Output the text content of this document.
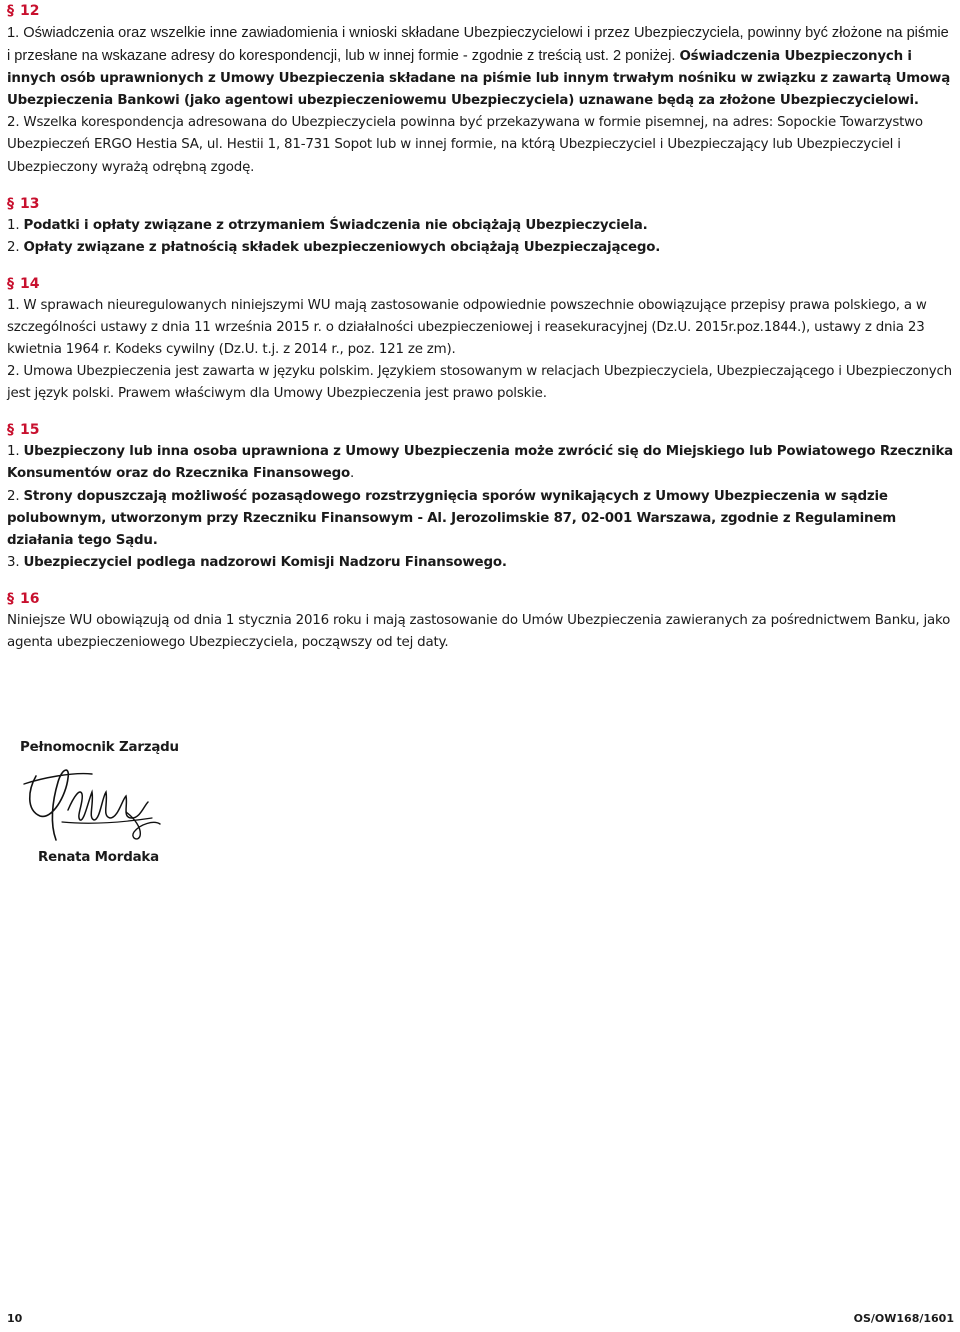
§ 12

1. Oświadczenia oraz wszelkie inne zawiadomienia i wnioski składane Ubezpieczycielowi i przez Ubezpieczyciela, powinny być złożone na piśmie i przesłane na wskazane adresy do korespondencji, lub w innej formie - zgodnie z treścią ust. 2 poniżej. Oświadczenia Ubezpieczonych i innych osób uprawnionych z Umowy Ubezpieczenia składane na piśmie lub innym trwałym nośniku w związku z zawartą Umową Ubezpieczenia Bankowi (jako agentowi ubezpieczeniowemu Ubezpieczyciela) uznawane będą za złożone Ubezpieczycielowi.

2. Wszelka korespondencja adresowana do Ubezpieczyciela powinna być przekazywana w formie pisemnej, na adres: Sopockie Towarzystwo Ubezpieczeń ERGO Hestia SA, ul. Hestii 1, 81-731 Sopot lub w innej formie, na którą Ubezpieczyciel i Ubezpieczający lub Ubezpieczyciel i Ubezpieczony wyrażą odrębną zgodę.

§ 13

1. Podatki i opłaty związane z otrzymaniem Świadczenia nie obciążają Ubezpieczyciela.

2. Opłaty związane z płatnością składek ubezpieczeniowych obciążają Ubezpieczającego.

§ 14

1. W sprawach nieuregulowanych niniejszymi WU mają zastosowanie odpowiednie powszechnie obowiązujące przepisy prawa polskiego, a w szczególności ustawy z dnia 11 września 2015 r. o działalności ubezpieczeniowej i reasekuracyjnej (Dz.U. 2015r.poz.1844.), ustawy z dnia 23 kwietnia 1964 r. Kodeks cywilny (Dz.U. t.j. z 2014 r., poz. 121 ze zm).

2. Umowa Ubezpieczenia jest zawarta w języku polskim. Językiem stosowanym w relacjach Ubezpieczyciela, Ubezpieczającego i Ubezpieczonych jest język polski. Prawem właściwym dla Umowy Ubezpieczenia jest prawo polskie.

§ 15

1. Ubezpieczony lub inna osoba uprawniona z Umowy Ubezpieczenia może zwrócić się do Miejskiego lub Powiatowego Rzecznika Konsumentów oraz do Rzecznika Finansowego.

2. Strony dopuszczają możliwość pozasądowego rozstrzygnięcia sporów wynikających z Umowy Ubezpieczenia w sądzie polubownym, utworzonym przy Rzeczniku Finansowym - Al. Jerozolimskie 87, 02-001 Warszawa, zgodnie z Regulaminem działania tego Sądu.

3. Ubezpieczyciel podlega nadzorowi Komisji Nadzoru Finansowego.

§ 16

Niniejsze WU obowiązują od dnia 1 stycznia 2016 roku i mają zastosowanie do Umów Ubezpieczenia zawieranych za pośrednictwem Banku, jako agenta ubezpieczeniowego Ubezpieczyciela, począwszy od tej daty.

Pełnomocnik Zarządu
Renata Mordaka
10	OS/OW168/1601
